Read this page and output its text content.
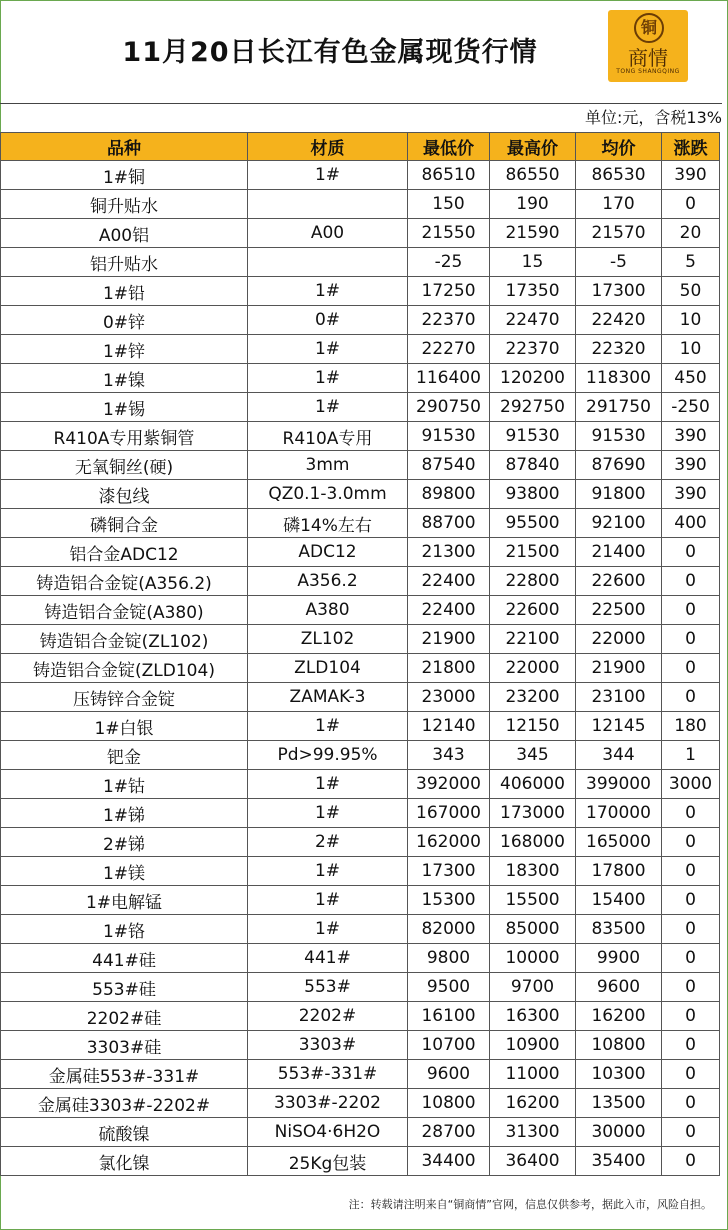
11月20日长江有色金属现货行情
铜
商情
TONG SHANGQING
单位:元，含税13%
品种	材质	最低价	最高价	均价	涨跌
1#铜	1#	86510	86550	86530	390
铜升贴水		150	190	170	0
A00铝	A00	21550	21590	21570	20
铝升贴水		-25	15	-5	5
1#铅	1#	17250	17350	17300	50
0#锌	0#	22370	22470	22420	10
1#锌	1#	22270	22370	22320	10
1#镍	1#	116400	120200	118300	450
1#锡	1#	290750	292750	291750	-250
R410A专用紫铜管	R410A专用	91530	91530	91530	390
无氧铜丝(硬)	3mm	87540	87840	87690	390
漆包线	QZ0.1-3.0mm	89800	93800	91800	390
磷铜合金	磷14%左右	88700	95500	92100	400
铝合金ADC12	ADC12	21300	21500	21400	0
铸造铝合金锭(A356.2)	A356.2	22400	22800	22600	0
铸造铝合金锭(A380)	A380	22400	22600	22500	0
铸造铝合金锭(ZL102)	ZL102	21900	22100	22000	0
铸造铝合金锭(ZLD104)	ZLD104	21800	22000	21900	0
压铸锌合金锭	ZAMAK-3	23000	23200	23100	0
1#白银	1#	12140	12150	12145	180
钯金	Pd>99.95%	343	345	344	1
1#钴	1#	392000	406000	399000	3000
1#锑	1#	167000	173000	170000	0
2#锑	2#	162000	168000	165000	0
1#镁	1#	17300	18300	17800	0
1#电解锰	1#	15300	15500	15400	0
1#铬	1#	82000	85000	83500	0
441#硅	441#	9800	10000	9900	0
553#硅	553#	9500	9700	9600	0
2202#硅	2202#	16100	16300	16200	0
3303#硅	3303#	10700	10900	10800	0
金属硅553#-331#	553#-331#	9600	11000	10300	0
金属硅3303#-2202#	3303#-2202	10800	16200	13500	0
硫酸镍	NiSO4·6H2O	28700	31300	30000	0
氯化镍	25Kg包装	34400	36400	35400	0
注：转载请注明来自“铜商情”官网，信息仅供参考，据此入市，风险自担。
